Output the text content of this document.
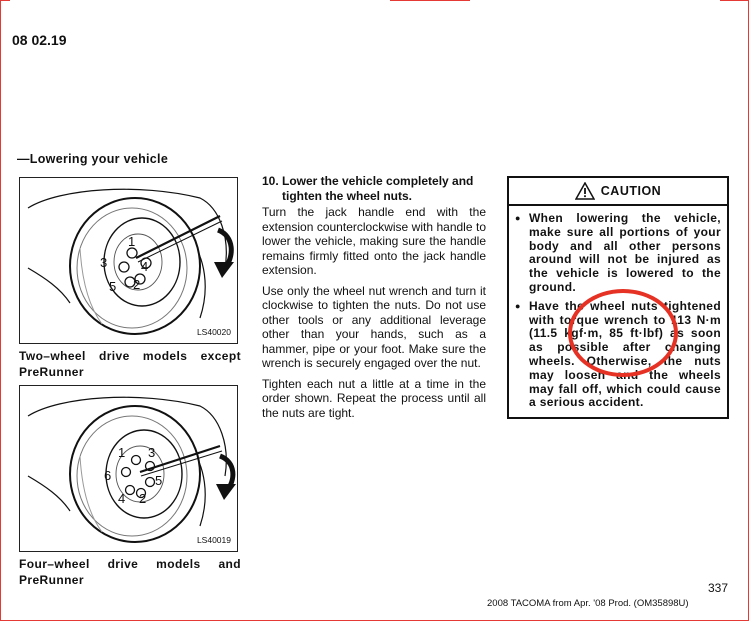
08 02.19
—Lowering your vehicle
1
2
3	4
5
LS40020
Two–wheel drive models except PreRunner
1
2
3
4
5
6
LS40019
Four–wheel drive models and PreRunner
10. Lower the vehicle completely and tighten the wheel nuts.

Turn the jack handle end with the extension counterclockwise with handle to lower the vehicle, making sure the handle remains firmly fitted onto the jack handle extension.

Use only the wheel nut wrench and turn it clockwise to tighten the nuts. Do not use other tools or any additional leverage other than your hands, such as a hammer, pipe or your foot. Make sure the wrench is securely engaged over the nut.

Tighten each nut a little at a time in the order shown. Repeat the process until all the nuts are tight.

CAUTION
● When lowering the vehicle, make sure all portions of your body and all other persons around will not be injured as the vehicle is lowered to the ground.
● Have the wheel nuts tightened with torque wrench to 113 N·m (11.5 kgf·m, 85 ft·lbf) as soon as possible after changing wheels. Otherwise, the nuts may loosen and the wheels may fall off, which could cause a serious accident.
337
2008 TACOMA from Apr. '08 Prod. (OM35898U)
